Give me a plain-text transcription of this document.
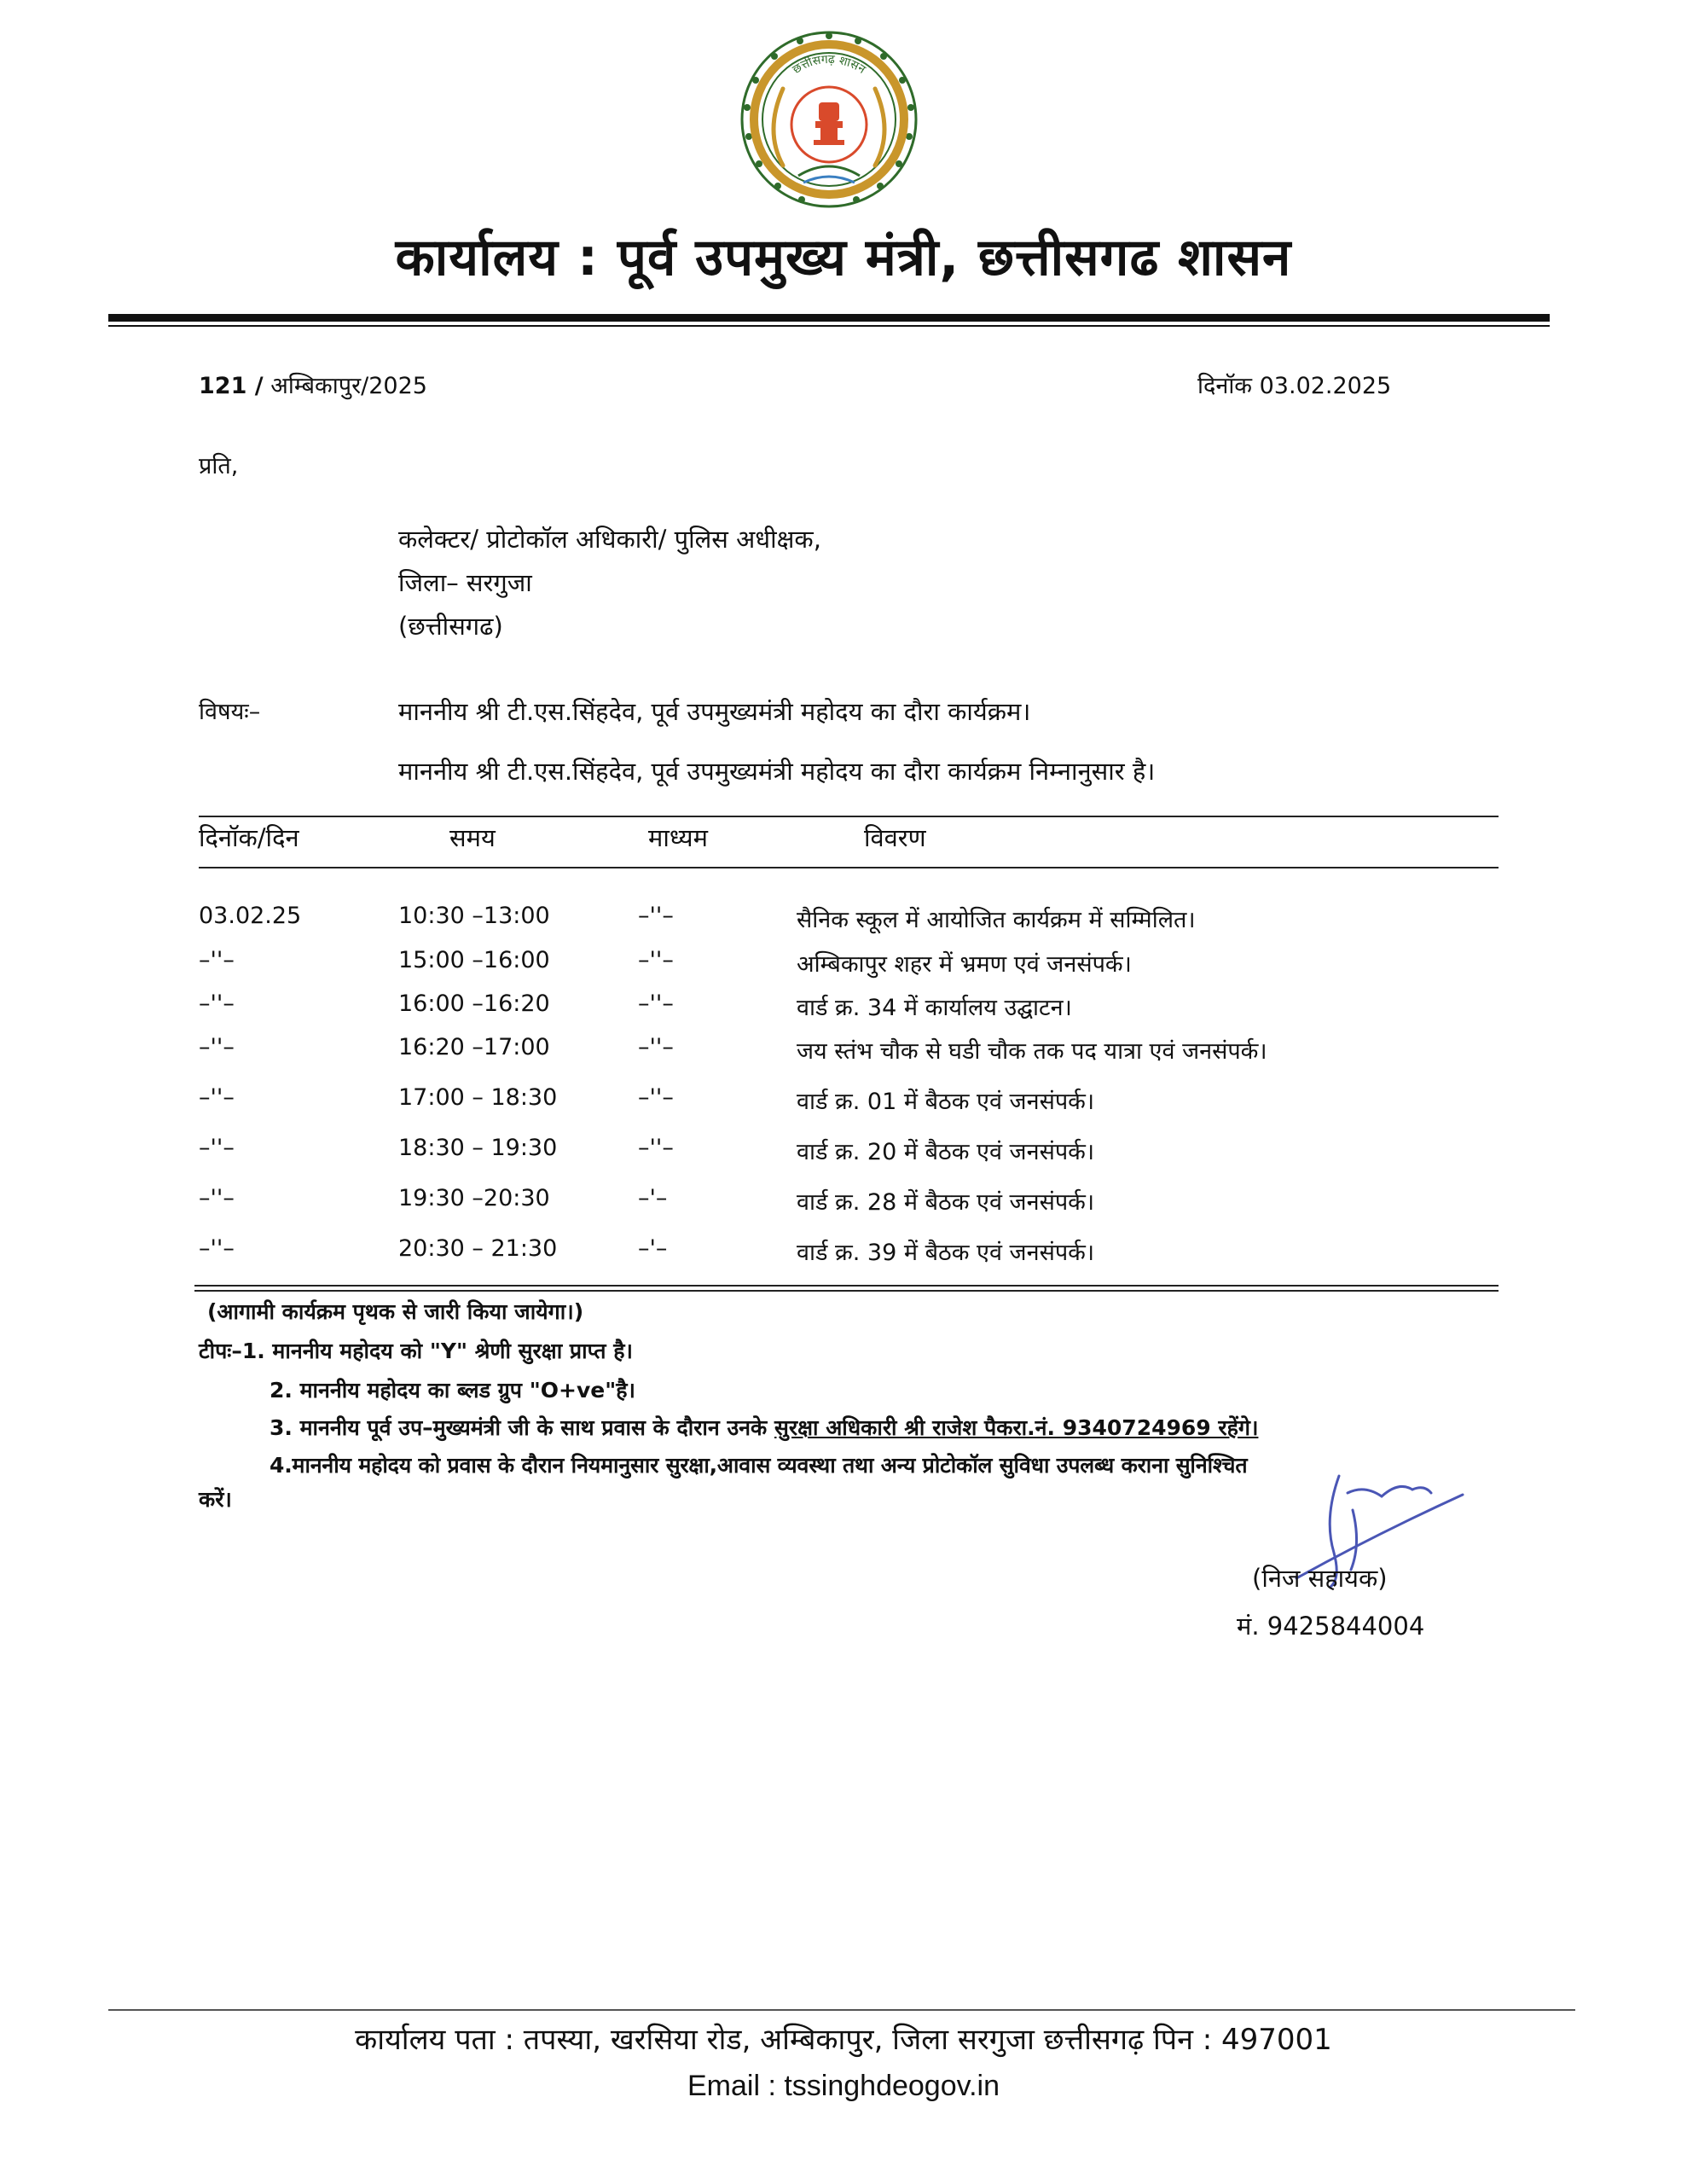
छत्तीसगढ़ शासन
कार्यालय : पूर्व उपमुख्य मंत्री, छत्तीसगढ शासन
121 / अम्बिकापुर/2025	दिनॉक 03.02.2025
प्रति,
कलेक्टर/ प्रोटोकॉल अधिकारी/ पुलिस अधीक्षक,
जिला– सरगुजा
(छत्तीसगढ)
विषयः–	माननीय श्री टी.एस.सिंहदेव, पूर्व उपमुख्यमंत्री महोदय का दौरा कार्यक्रम।
माननीय श्री टी.एस.सिंहदेव, पूर्व उपमुख्यमंत्री महोदय का दौरा कार्यक्रम निम्नानुसार है।
दिनॉक/दिन	समय	माध्यम	विवरण
03.02.25	10:30 –13:00	–''–	सैनिक स्कूल में आयोजित कार्यक्रम में सम्मिलित।
–''–	15:00 –16:00	–''–	अम्बिकापुर शहर में भ्रमण एवं जनसंपर्क।
–''–	16:00 –16:20	–''–	वार्ड क्र. 34 में कार्यालय उद्घाटन।
–''–	16:20 –17:00	–''–	जय स्तंभ चौक से घडी चौक तक पद यात्रा एवं जनसंपर्क।
–''–	17:00 – 18:30	–''–	वार्ड क्र. 01 में बैठक एवं जनसंपर्क।
–''–	18:30 – 19:30	–''–	वार्ड क्र. 20 में बैठक एवं जनसंपर्क।
–''–	19:30 –20:30	–'–	वार्ड क्र. 28 में बैठक एवं जनसंपर्क।
–''–	20:30 – 21:30	–'–	वार्ड क्र. 39 में बैठक एवं जनसंपर्क।
(आगामी कार्यक्रम पृथक से जारी किया जायेगा।)
टीपः–1. माननीय महोदय को "Y" श्रेणी सुरक्षा प्राप्त है।
2. माननीय महोदय का ब्लड ग्रुप "O+ve"है।
3. माननीय पूर्व उप–मुख्यमंत्री जी के साथ प्रवास के दौरान उनके सुरक्षा अधिकारी श्री राजेश पैकरा.नं. 9340724969 रहेंगे।
4.माननीय महोदय को प्रवास के दौरान नियमानुसार सुरक्षा,आवास व्यवस्था तथा अन्य प्रोटोकॉल सुविधा उपलब्ध कराना सुनिश्चित
करें।
(निज सहायक)
मं. 9425844004
कार्यालय पता : तपस्या, खरसिया रोड, अम्बिकापुर, जिला सरगुजा छत्तीसगढ़ पिन : 497001
Email : tssinghdeogov.in
